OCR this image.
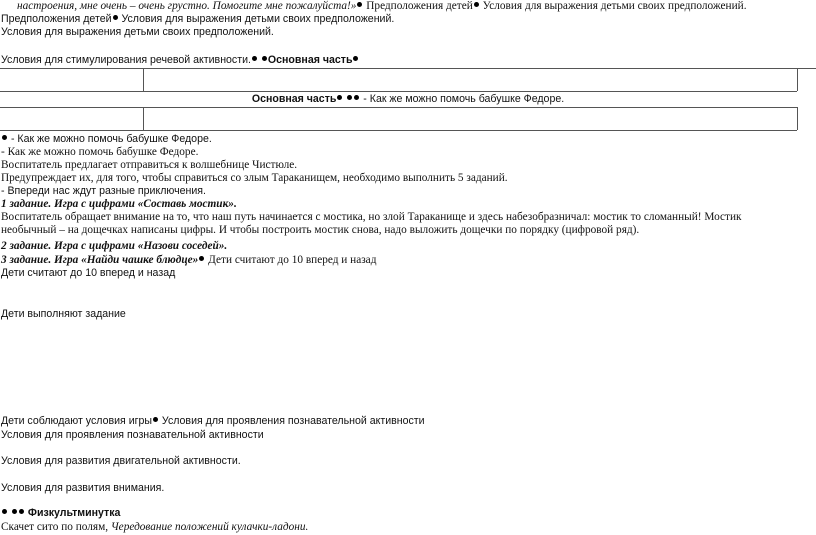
настроения, мне очень – очень грустно. Помогите мне пожалуйста!» Предположения детей Условия для выражения детьми своих предположений.
Предположения детей Условия для выражения детьми своих предположений.
Условия для выражения детьми своих предположений.
Условия для стимулирования речевой активности. Основная часть
Основная часть  - Как же можно помочь бабушке Федоре.
- Как же можно помочь бабушке Федоре.
- Как же можно помочь бабушке Федоре.
Воспитатель предлагает отправиться к волшебнице Чистюле.
Предупреждает их, для того, чтобы справиться со злым Тараканищем, необходимо выполнить 5 заданий.
- Впереди нас ждут разные приключения.
1 задание. Игра с цифрами «Составь мостик».
Воспитатель обращает внимание на то, что наш путь начинается с мостика, но злой Тараканище и здесь набезобразничал: мостик то сломанный! Мостик
необычный – на дощечках написаны цифры. И чтобы построить мостик снова, надо выложить дощечки по порядку (цифровой ряд).
2 задание. Игра с цифрами «Назови соседей».
3 задание. Игра «Найди чашке блюдце» Дети считают до 10 вперед и назад
Дети считают до 10 вперед и назад
Дети выполняют задание
Дети соблюдают условия игры Условия для проявления познавательной активности
Условия для проявления познавательной активности
Условия для развития двигательной активности.
Условия для развития внимания.
Физкультминутка
Скачет сито по полям, Чередование положений кулачки-ладони.
